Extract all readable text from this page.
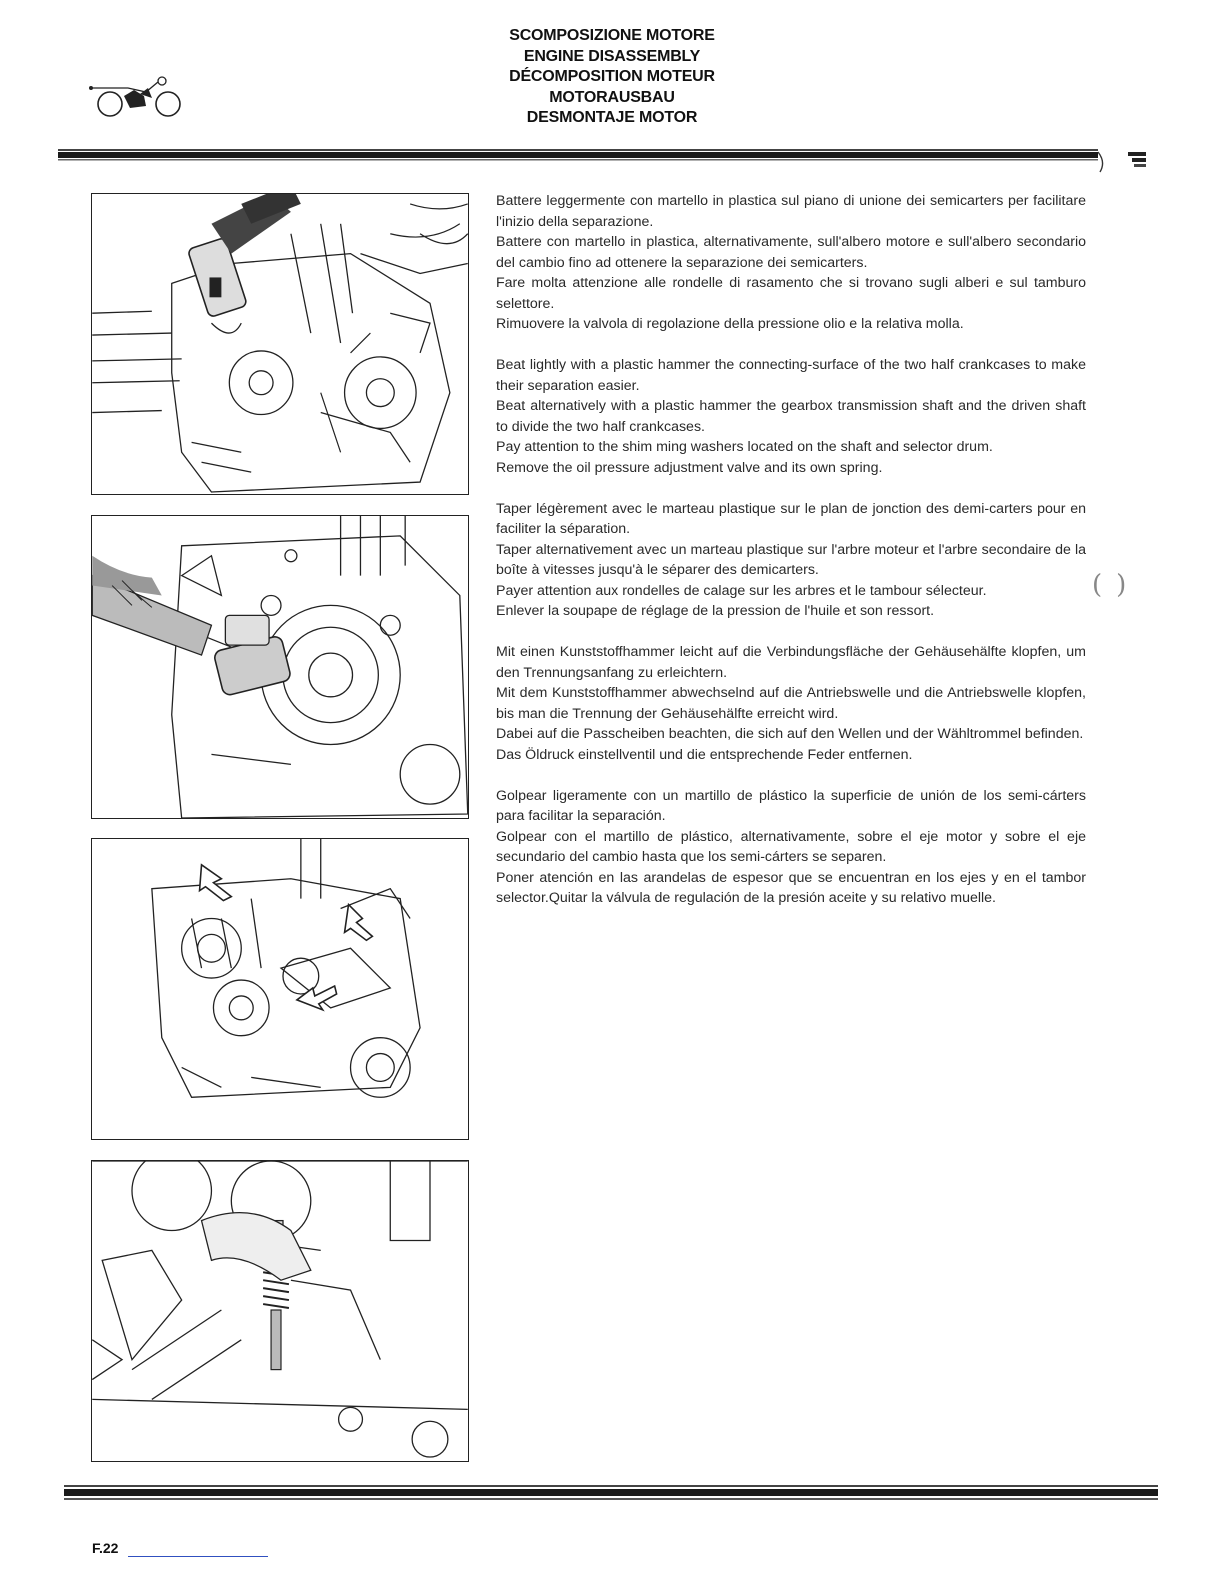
SCOMPOSIZIONE MOTORE
ENGINE DISASSEMBLY
DÉCOMPOSITION MOTEUR
MOTORAUSBAU
DESMONTAJE MOTOR

Battere leggermente con martello in plastica sul piano di unione dei semicarters per facilitare l'inizio della separazione.

Battere con martello in plastica, alternativamente, sull'albero motore e sull'albero secondario del cambio fino ad ottenere la separazione dei semicarters.

Fare molta attenzione alle rondelle di rasamento che si trovano sugli alberi e sul tamburo selettore.

Rimuovere la valvola di regolazione della pressione olio e la relativa molla.

Beat lightly with a plastic hammer the connecting-surface of the two half crankcases to make their separation easier.

Beat alternatively with a plastic hammer the gearbox transmission shaft and the driven shaft to divide the two half crankcases.

Pay attention to the shim ming washers located on the shaft and selector drum.

Remove the oil pressure adjustment valve and its own spring.

Taper légèrement avec le marteau plastique sur le plan de jonction des demi-carters pour en faciliter la séparation.

Taper alternativement avec un marteau plastique sur l'arbre moteur et l'arbre secondaire de la boîte à vitesses jusqu'à le séparer des demicarters.

Payer attention aux rondelles de calage sur les arbres et le tambour sélecteur.

Enlever la soupape de réglage de la pression de l'huile et son ressort.

Mit einen Kunststoffhammer leicht auf die Verbindungsfläche der Gehäusehälfte klopfen, um den Trennungsanfang zu erleichtern.

Mit dem Kunststoffhammer abwechselnd auf die Antriebswelle und die Antriebswelle klopfen, bis man die Trennung der Gehäusehälfte erreicht wird.

Dabei auf die Passcheiben beachten, die sich auf den Wellen und der Wähltrommel befinden.

Das Öldruck einstellventil und die entsprechende Feder entfernen.

Golpear ligeramente con un martillo de plástico la superficie de unión de los semi-cárters para facilitar la separación.

Golpear con el martillo de plástico, alternativamente, sobre el eje motor y sobre el eje secundario del cambio hasta que los semi-cárters se separen.

Poner atención en las arandelas de espesor que se encuentran en los ejes y en el tambor selector.Quitar la válvula de regulación de la presión aceite y su relativo muelle.

()
F.22
